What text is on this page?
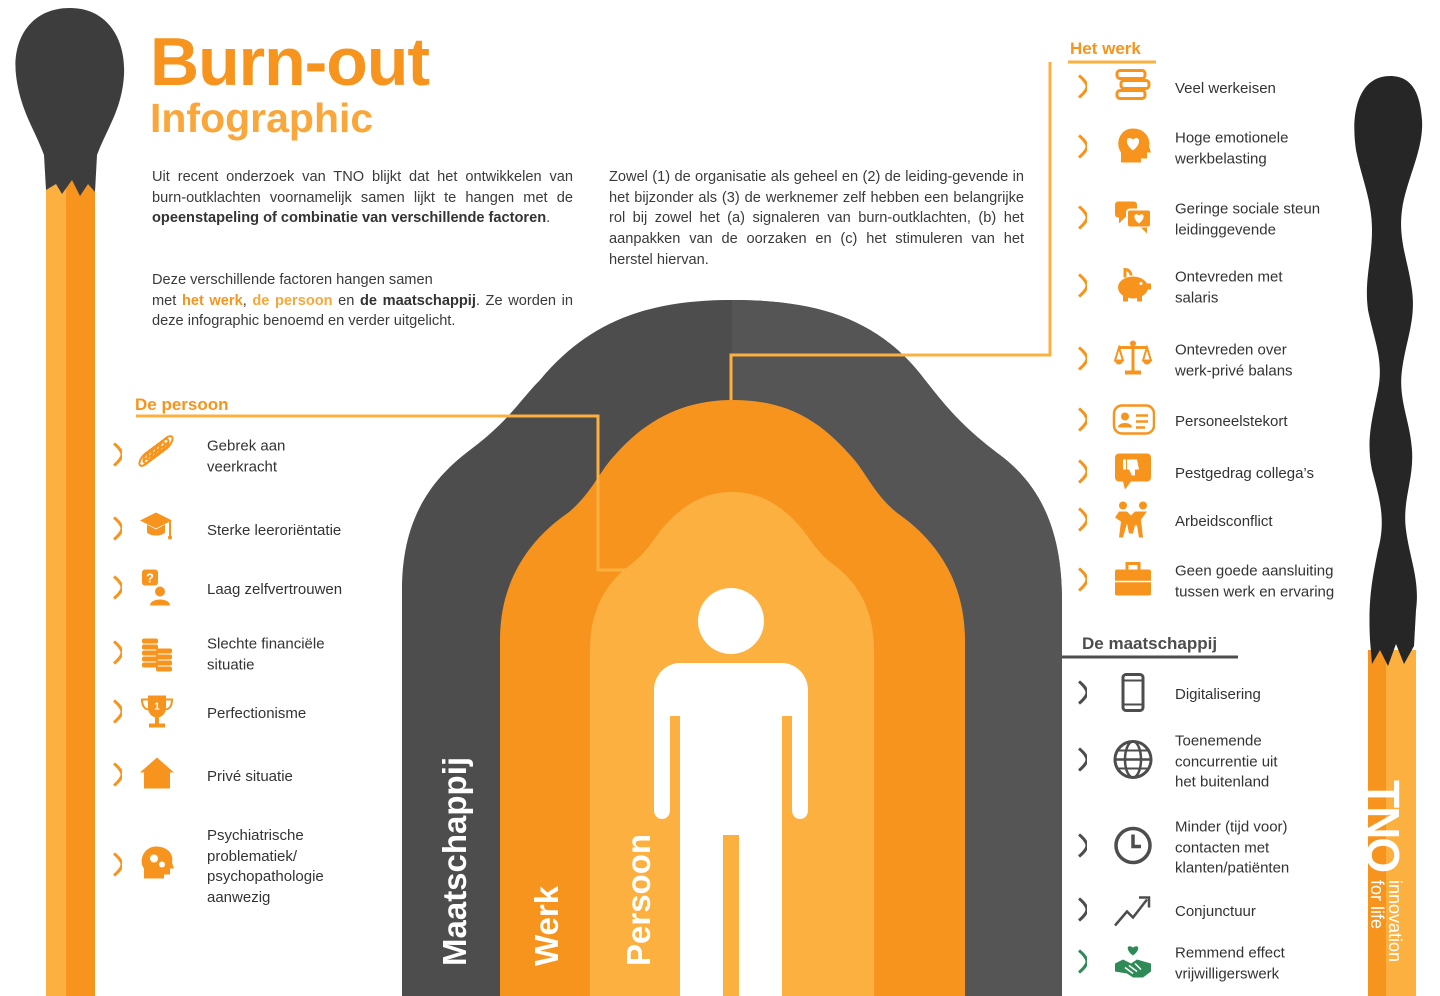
Burn-out
Infographic
Uit recent onderzoek van TNO blijkt dat het ontwikkelen van burn-outklachten voornamelijk samen lijkt te hangen met de opeenstapeling of combinatie van verschillende factoren.
Deze verschillende factoren hangen samen
met het werk, de persoon en de maatschappij. Ze worden in deze infographic benoemd en verder uitgelicht.
Zowel (1) de organisatie als geheel en (2) de leiding-gevende in het bijzonder als (3) de werknemer zelf hebben een belangrijke rol bij zowel het (a) signaleren van burn-outklachten, (b) het aanpakken van de oorzaken en (c) het stimuleren van het herstel hiervan.
De persoon
Het werk
De maatschappij
Gebrek aan
veerkracht
Sterke leeroriëntatie
?
Laag zelfvertrouwen
Slechte financiële
situatie
1	Perfectionisme
Privé situatie
Psychiatrische
problematiek/
psychopathologie
aanwezig
Veel werkeisen
Hoge emotionele
werkbelasting
Geringe sociale steun
leidinggevende
Ontevreden met
salaris
Ontevreden over
werk-privé balans
Personeelstekort
Pestgedrag collega’s
Arbeidsconflict
Geen goede aansluiting
tussen werk en ervaring
Digitalisering
Toenemende
concurrentie uit
het buitenland
Minder (tijd voor)
contacten met
klanten/patiënten
Conjunctuur
Remmend effect
vrijwilligerswerk
Maatschappij Werk Persoon
TNO
innovation
for life
